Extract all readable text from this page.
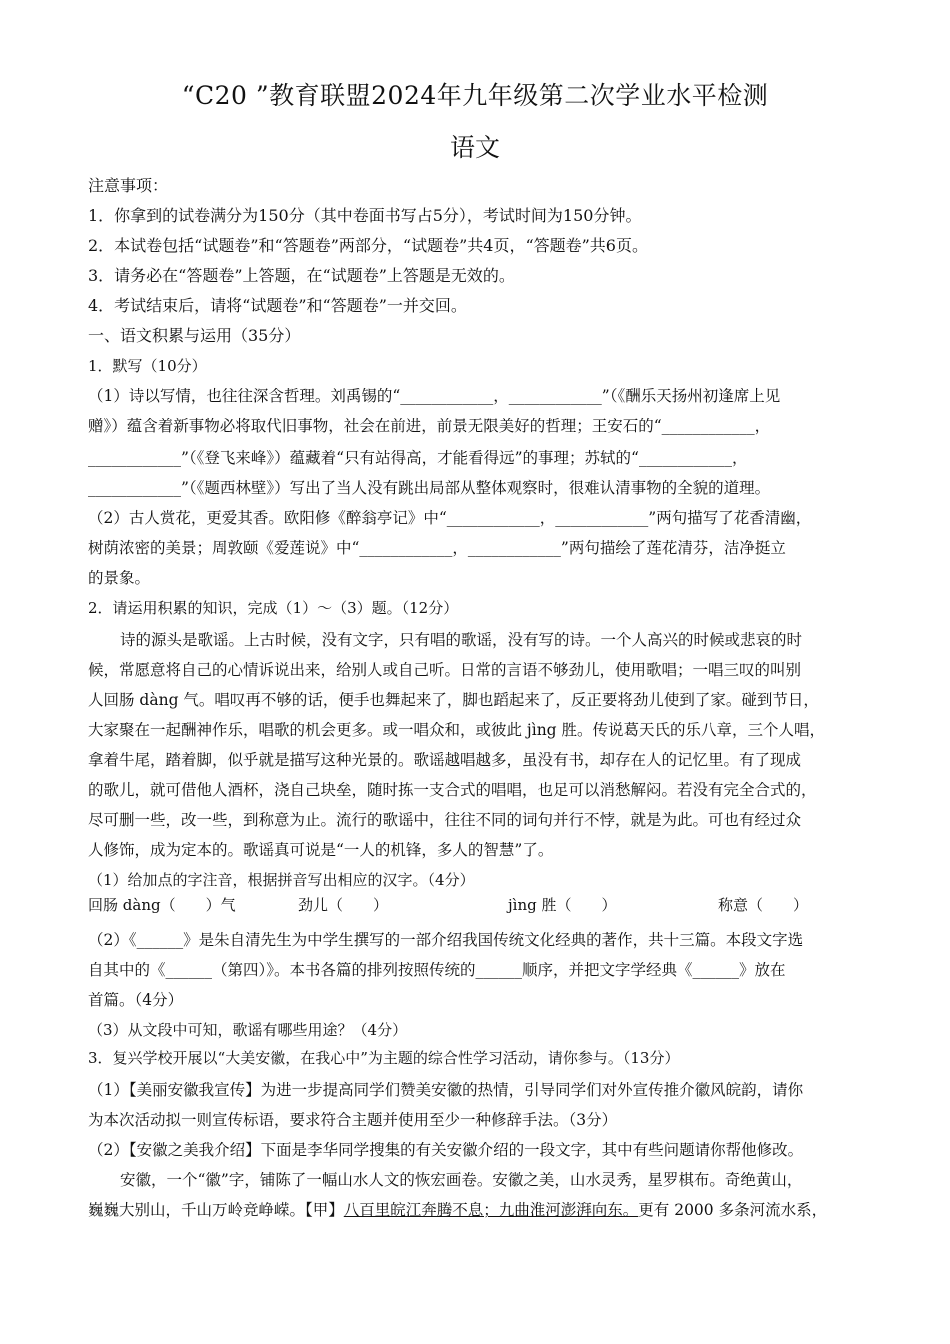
“C20 ”教育联盟2024年九年级第二次学业水平检测
语文
注意事项：
1．你拿到的试卷满分为150分（其中卷面书写占5分），考试时间为150分钟。
2．本试卷包括“试题卷”和“答题卷”两部分，“试题卷”共4页，“答题卷”共6页。
3．请务必在“答题卷”上答题，在“试题卷”上答题是无效的。
4．考试结束后，请将“试题卷”和“答题卷”一并交回。
一、语文积累与运用（35分）
1．默写（10分）
（1）诗以写情，也往往深含哲理。刘禹锡的“____________，____________”（《酬乐天扬州初逢席上见
赠》）蕴含着新事物必将取代旧事物，社会在前进，前景无限美好的哲理；王安石的“____________，
____________”（《登飞来峰》）蕴藏着“只有站得高，才能看得远”的事理；苏轼的“____________，
____________”（《题西林壁》）写出了当人没有跳出局部从整体观察时，很难认清事物的全貌的道理。
（2）古人赏花，更爱其香。欧阳修《醉翁亭记》中“____________，____________”两句描写了花香清幽，
树荫浓密的美景；周敦颐《爱莲说》中“____________，____________”两句描绘了莲花清芬，洁净挺立
的景象。
2．请运用积累的知识，完成（1）～（3）题。（12分）
诗的源头是歌谣。上古时候，没有文字，只有唱的歌谣，没有写的诗。一个人高兴的时候或悲哀的时
候，常愿意将自己的心情诉说出来，给别人或自己听。日常的言语不够劲儿，使用歌唱；一唱三叹的叫别
人回肠 dàng 气。唱叹再不够的话，便手也舞起来了，脚也蹈起来了，反正要将劲儿使到了家。碰到节日，
大家聚在一起酬神作乐，唱歌的机会更多。或一唱众和，或彼此 jìng 胜。传说葛天氏的乐八章，三个人唱，
拿着牛尾，踏着脚，似乎就是描写这种光景的。歌谣越唱越多，虽没有书，却存在人的记忆里。有了现成
的歌儿，就可借他人酒杯，浇自己块垒，随时拣一支合式的唱唱，也足可以消愁解闷。若没有完全合式的，
尽可删一些，改一些，到称意为止。流行的歌谣中，往往不同的词句并行不悖，就是为此。可也有经过众
人修饰，成为定本的。歌谣真可说是“一人的机锋，多人的智慧”了。
（1）给加点的字注音，根据拼音写出相应的汉字。（4分）
回肠 dàng（　　）气	劲儿（　　）	jìng 胜（　　）	称意（　　）
（2）《______》是朱自清先生为中学生撰写的一部介绍我国传统文化经典的著作，共十三篇。本段文字选
自其中的《______（第四）》。本书各篇的排列按照传统的______顺序，并把文字学经典《______》放在
首篇。（4分）
（3）从文段中可知，歌谣有哪些用途？（4分）
3．复兴学校开展以“大美安徽，在我心中”为主题的综合性学习活动，请你参与。（13分）
（1）【美丽安徽我宣传】为进一步提高同学们赞美安徽的热情，引导同学们对外宣传推介徽风皖韵，请你
为本次活动拟一则宣传标语，要求符合主题并使用至少一种修辞手法。（3分）
（2）【安徽之美我介绍】下面是李华同学搜集的有关安徽介绍的一段文字，其中有些问题请你帮他修改。
安徽，一个“徽”字，铺陈了一幅山水人文的恢宏画卷。安徽之美，山水灵秀，星罗棋布。奇绝黄山，
巍巍大别山，千山万岭竞峥嵘。【甲】八百里皖江奔腾不息；九曲淮河澎湃向东。更有 2000 多条河流水系，
